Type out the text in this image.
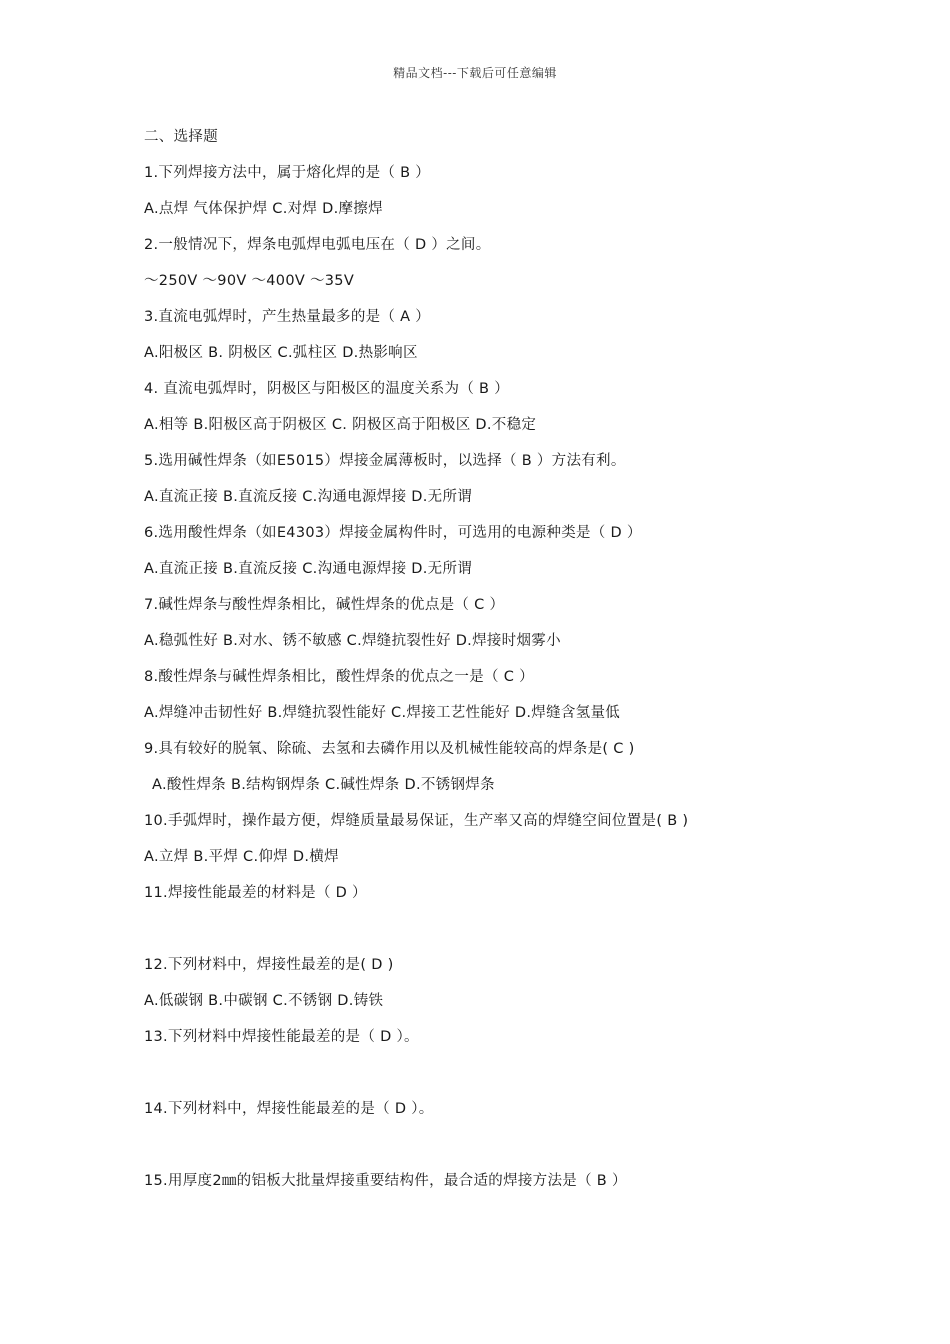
精品文档---下载后可任意编辑
二、选择题
1.下列焊接方法中，属于熔化焊的是（ B ）
A.点焊 气体保护焊 C.对焊 D.摩擦焊
2.一般情况下，焊条电弧焊电弧电压在（ D ）之间。
～250V ～90V ～400V ～35V
3.直流电弧焊时，产生热量最多的是（ A ）
A.阳极区 B. 阴极区 C.弧柱区 D.热影响区
4. 直流电弧焊时，阴极区与阳极区的温度关系为（ B ）
A.相等 B.阳极区高于阴极区 C. 阴极区高于阳极区 D.不稳定
5.选用碱性焊条（如E5015）焊接金属薄板时，以选择（ B ）方法有利。
A.直流正接 B.直流反接 C.沟通电源焊接 D.无所谓
6.选用酸性焊条（如E4303）焊接金属构件时，可选用的电源种类是（ D ）
A.直流正接 B.直流反接 C.沟通电源焊接 D.无所谓
7.碱性焊条与酸性焊条相比，碱性焊条的优点是（ C ）
A.稳弧性好 B.对水、锈不敏感 C.焊缝抗裂性好 D.焊接时烟雾小
8.酸性焊条与碱性焊条相比，酸性焊条的优点之一是（ C ）
A.焊缝冲击韧性好 B.焊缝抗裂性能好 C.焊接工艺性能好 D.焊缝含氢量低
9.具有较好的脱氧、除硫、去氢和去磷作用以及机械性能较高的焊条是( C )
A.酸性焊条 B.结构钢焊条 C.碱性焊条 D.不锈钢焊条
10.手弧焊时，操作最方便，焊缝质量最易保证，生产率又高的焊缝空间位置是( B )
A.立焊 B.平焊 C.仰焊 D.横焊
11.焊接性能最差的材料是（ D ）
12.下列材料中，焊接性最差的是( D )
A.低碳钢 B.中碳钢 C.不锈钢 D.铸铁
13.下列材料中焊接性能最差的是（ D ）。
14.下列材料中，焊接性能最差的是（ D ）。
15.用厚度2㎜的铝板大批量焊接重要结构件，最合适的焊接方法是（ B ）
